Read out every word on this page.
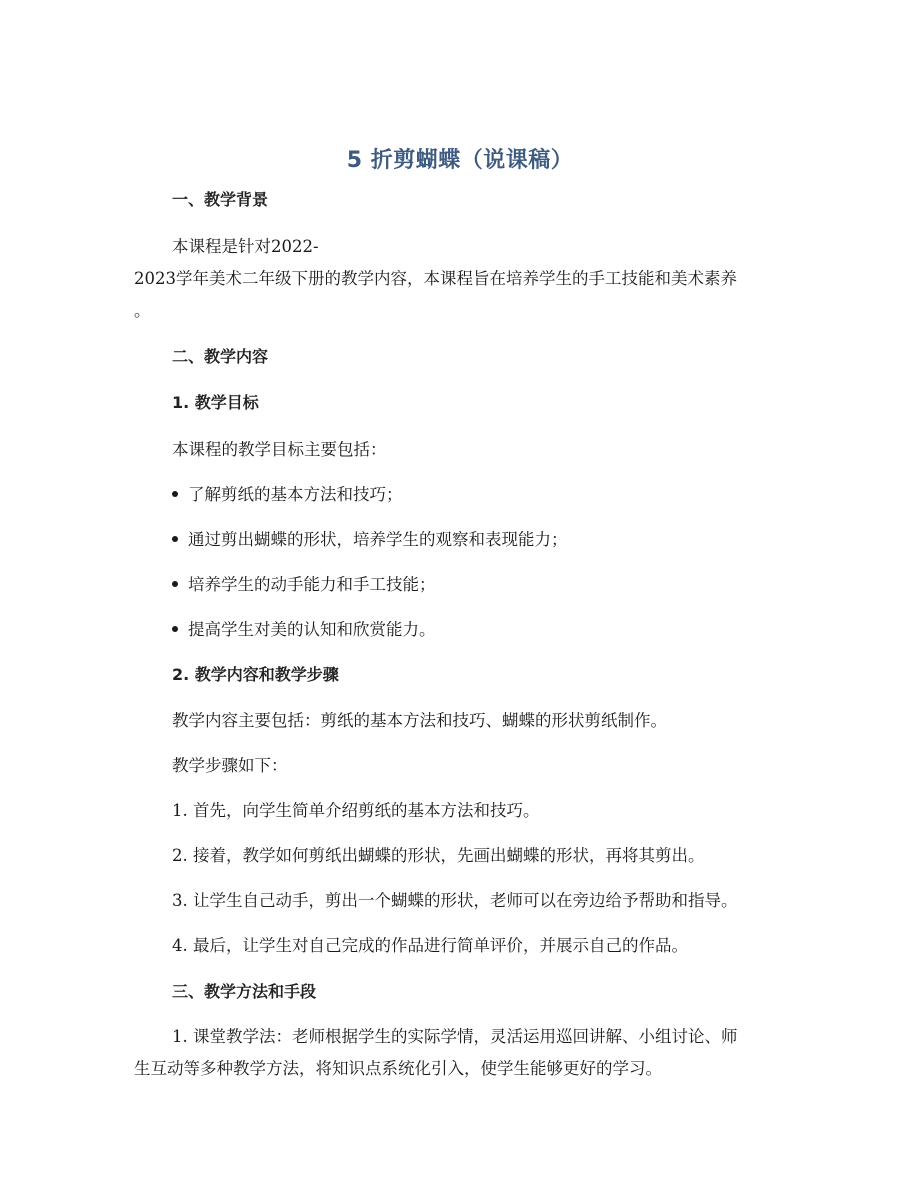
5 折剪蝴蝶（说课稿）
一、教学背景
本课程是针对2022-
2023学年美术二年级下册的教学内容，本课程旨在培养学生的手工技能和美术素养
。
二、教学内容
1. 教学目标
本课程的教学目标主要包括：
了解剪纸的基本方法和技巧；
通过剪出蝴蝶的形状，培养学生的观察和表现能力；
培养学生的动手能力和手工技能；
提高学生对美的认知和欣赏能力。
2. 教学内容和教学步骤
教学内容主要包括：剪纸的基本方法和技巧、蝴蝶的形状剪纸制作。
教学步骤如下：
1. 首先，向学生简单介绍剪纸的基本方法和技巧。
2. 接着，教学如何剪纸出蝴蝶的形状，先画出蝴蝶的形状，再将其剪出。
3. 让学生自己动手，剪出一个蝴蝶的形状，老师可以在旁边给予帮助和指导。
4. 最后，让学生对自己完成的作品进行简单评价，并展示自己的作品。
三、教学方法和手段
1. 课堂教学法：老师根据学生的实际学情，灵活运用巡回讲解、小组讨论、师
生互动等多种教学方法，将知识点系统化引入，使学生能够更好的学习。
